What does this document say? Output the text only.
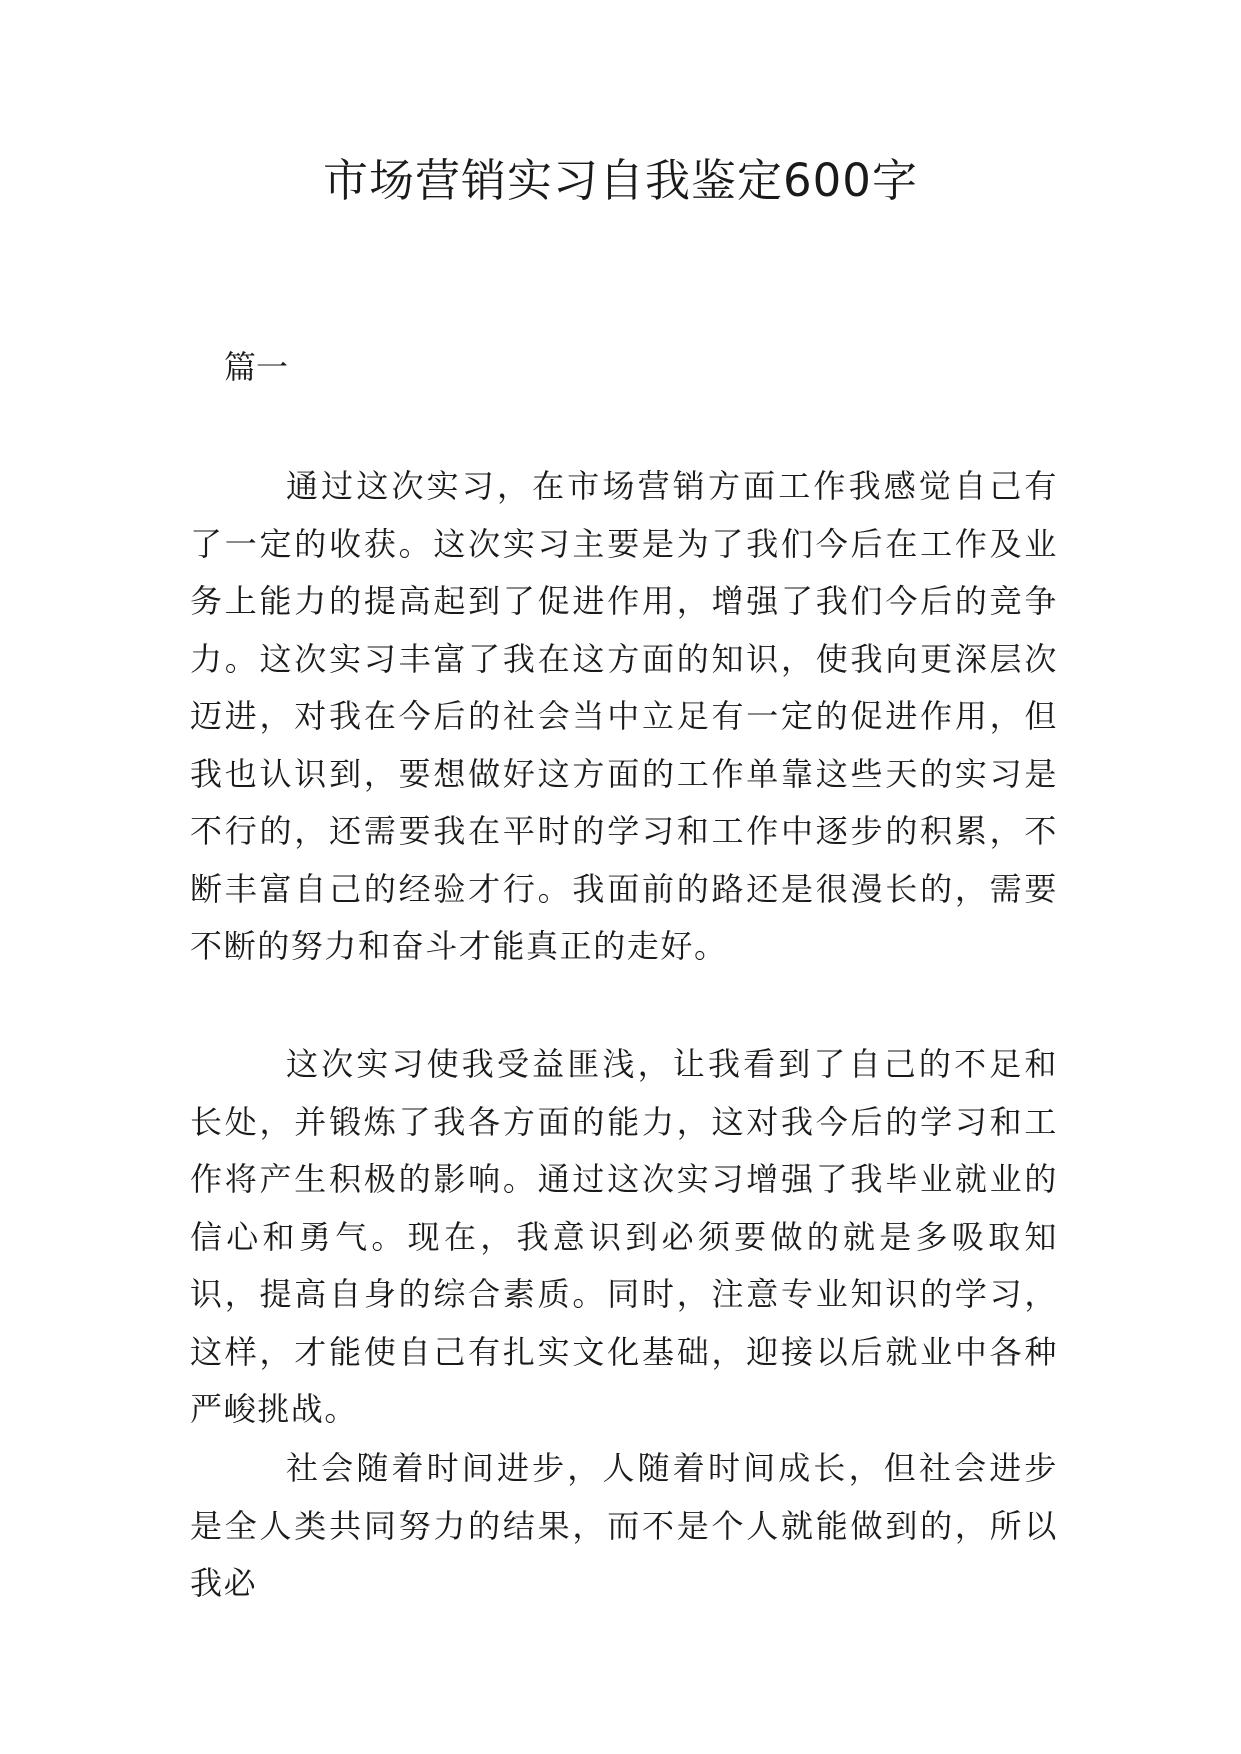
市场营销实习自我鉴定600字
篇一

通过这次实习，在市场营销方面工作我感觉自己有了一定的收获。这次实习主要是为了我们今后在工作及业务上能力的提高起到了促进作用，增强了我们今后的竞争力。这次实习丰富了我在这方面的知识，使我向更深层次迈进，对我在今后的社会当中立足有一定的促进作用，但我也认识到，要想做好这方面的工作单靠这些天的实习是不行的，还需要我在平时的学习和工作中逐步的积累，不断丰富自己的经验才行。我面前的路还是很漫长的，需要不断的努力和奋斗才能真正的走好。

这次实习使我受益匪浅，让我看到了自己的不足和长处，并锻炼了我各方面的能力，这对我今后的学习和工作将产生积极的影响。通过这次实习增强了我毕业就业的信心和勇气。现在，我意识到必须要做的就是多吸取知识，提高自身的综合素质。同时，注意专业知识的学习，这样，才能使自己有扎实文化基础，迎接以后就业中各种严峻挑战。

社会随着时间进步，人随着时间成长，但社会进步是全人类共同努力的结果，而不是个人就能做到的，所以我必
